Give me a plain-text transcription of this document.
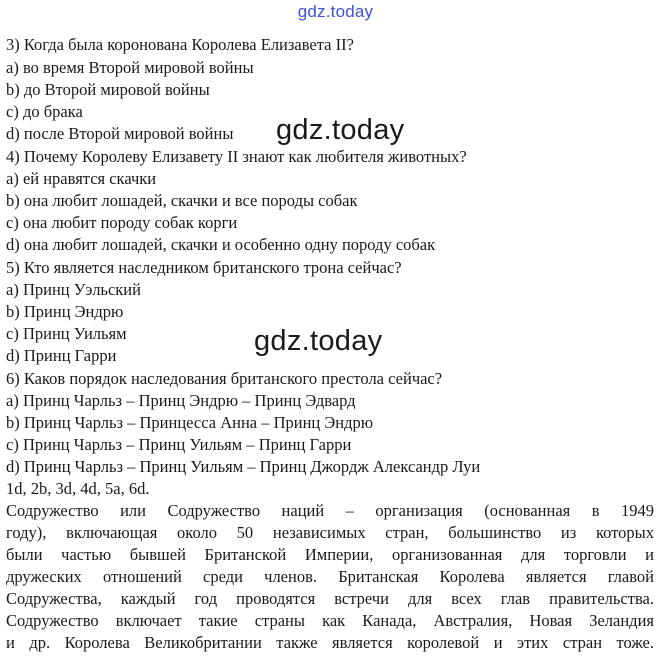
gdz.today
3) Когда была коронована Королева Елизавета II?
a) во время Второй мировой войны
b) до Второй мировой войны
c) до брака
d) после Второй мировой войны
4) Почему Королеву Елизавету II знают как любителя животных?
a) ей нравятся скачки
b) она любит лошадей, скачки и все породы собак
c) она любит породу собак корги
d) она любит лошадей, скачки и особенно одну породу собак
5) Кто является наследником британского трона сейчас?
a) Принц Уэльский
b) Принц Эндрю
c) Принц Уильям
d) Принц Гарри
6) Каков порядок наследования британского престола сейчас?
a) Принц Чарльз – Принц Эндрю – Принц Эдвард
b) Принц Чарльз – Принцесса Анна – Принц Эндрю
c) Принц Чарльз – Принц Уильям – Принц Гарри
d) Принц Чарльз – Принц Уильям – Принц Джордж Александр Луи
1d, 2b, 3d, 4d, 5a, 6d.
Содружество или Содружество наций – организация (основанная в 1949
году), включающая около 50 независимых стран, большинство из которых
были частью бывшей Британской Империи, организованная для торговли и
дружеских отношений среди членов. Британская Королева является главой
Содружества, каждый год проводятся встречи для всех глав правительства.
Содружество включает такие страны как Канада, Австралия, Новая Зеландия
и др. Королева Великобритании также является королевой и этих стран тоже.
gdz.today
gdz.today
